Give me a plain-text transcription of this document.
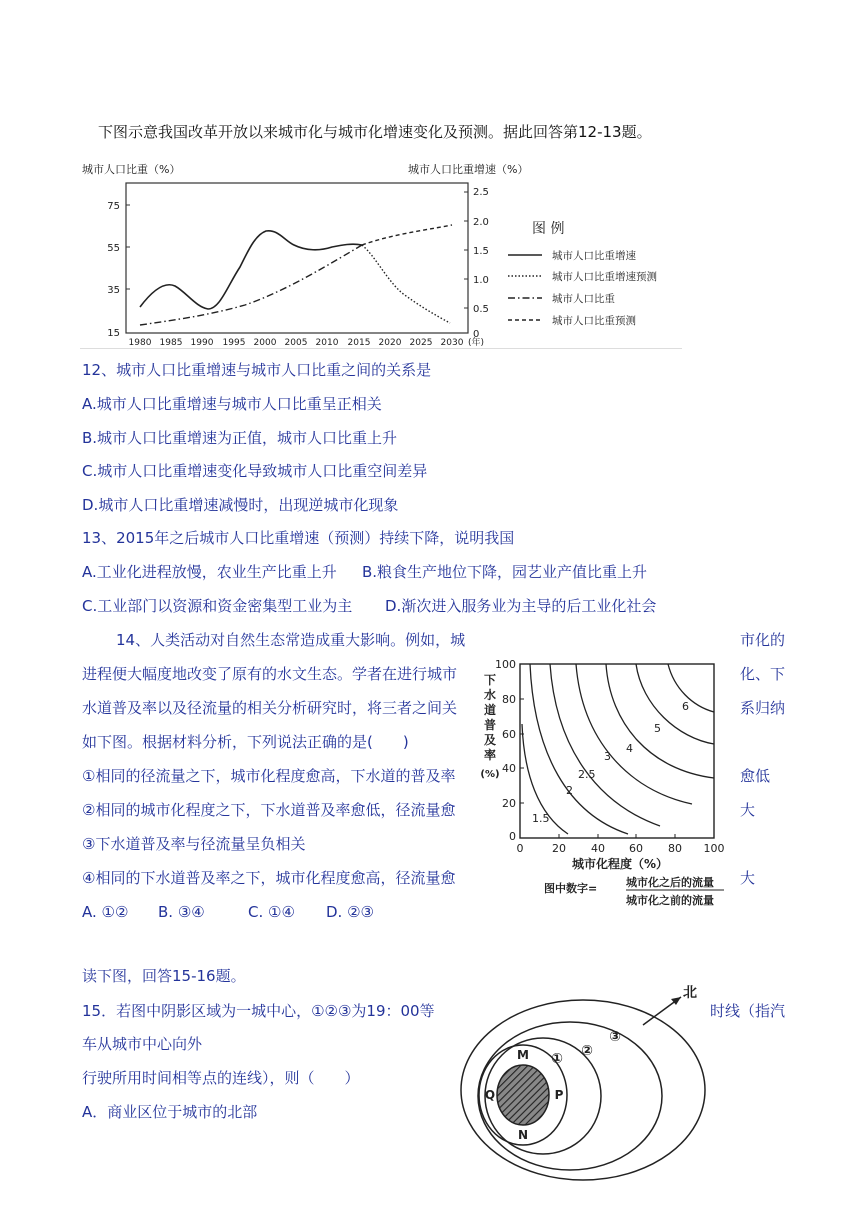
下图示意我国改革开放以来城市化与城市化增速变化及预测。据此回答第12-13题。
城市人口比重（%）	城市人口比重增速（%）
75
55
35
15
2.5
2.0
1.5
1.0
0.5
0
1980 1985 1990 1995 2000 2005 2010 2015 2020 2025 2030 (年)
图 例
城市人口比重增速
城市人口比重增速预测
城市人口比重
城市人口比重预测
12、城市人口比重增速与城市人口比重之间的关系是
A.城市人口比重增速与城市人口比重呈正相关
B.城市人口比重增速为正值，城市人口比重上升
C.城市人口比重增速变化导致城市人口比重空间差异
D.城市人口比重增速减慢时，出现逆城市化现象
13、2015年之后城市人口比重增速（预测）持续下降，说明我国
A.工业化进程放慢，农业生产比重上升 B.粮食生产地位下降，园艺业产值比重上升
C.工业部门以资源和资金密集型工业为主 D.渐次进入服务业为主导的后工业化社会
14、人类活动对自然生态常造成重大影响。例如，城	市化的
进程便大幅度地改变了原有的水文生态。学者在进行城市	化、下
水道普及率以及径流量的相关分析研究时，将三者之间关	系归纳
如下图。根据材料分析，下列说法正确的是(　　)
①相同的径流量之下，城市化程度愈高，下水道的普及率	愈低
②相同的城市化程度之下，下水道普及率愈低，径流量愈	大
③下水道普及率与径流量呈负相关
④相同的下水道普及率之下，城市化程度愈高，径流量愈	大
A. ①② B. ③④	C. ①④ D. ②③
100
80
60
40
20
0
0	20 40 60 80 100
下
水
道
普
及
率
(%)
1.5
2
2.5
3
4
5
6
城市化程度（%）
图中数字=	城市化之后的流量
城市化之前的流量
读下图，回答15-16题。
15．若图中阴影区域为一城中心，①②③为19：00等	时线（指汽
车从城市中心向外
行驶所用时间相等点的连线），则（　　）
A．商业区位于城市的北部
M
P
N
Q
① ②
③
北
